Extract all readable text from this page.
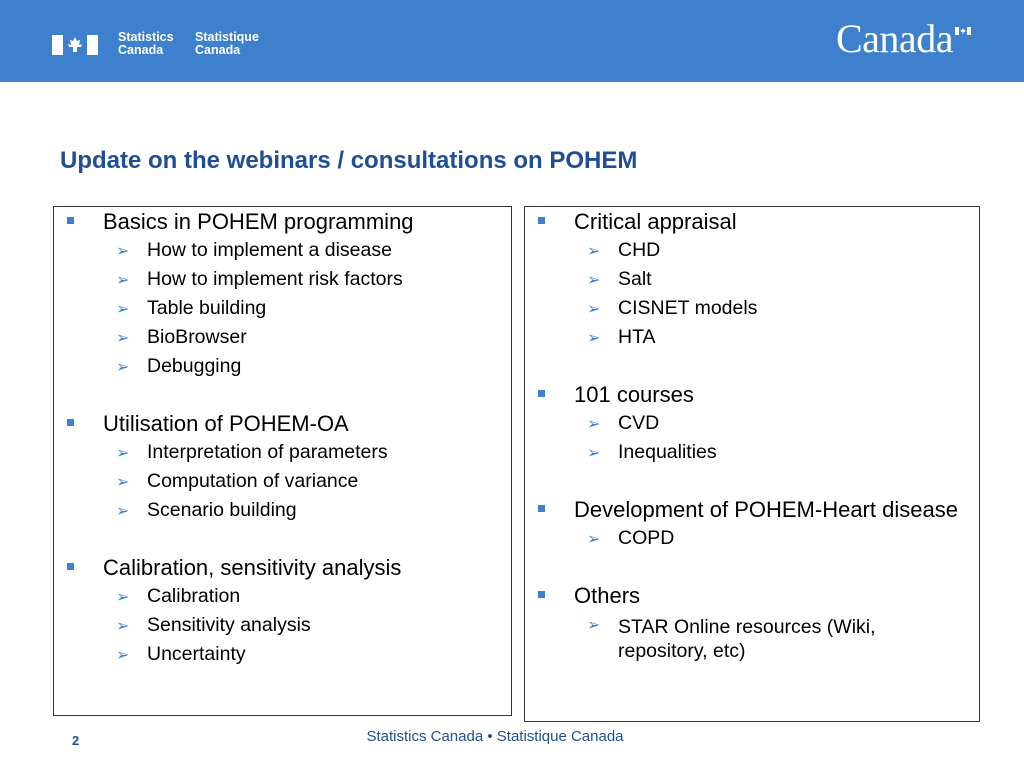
Statistics
Canada
Statistique
Canada	Canada
Update on the webinars / consultations on POHEM
Basics in POHEM programming
➢ How to implement a disease
➢ How to implement risk factors
➢ Table building
➢ BioBrowser
➢ Debugging
Utilisation of POHEM-OA
➢ Interpretation of parameters
➢ Computation of variance
➢ Scenario building
Calibration, sensitivity analysis
➢ Calibration
➢ Sensitivity analysis
➢ Uncertainty
Critical appraisal
➢ CHD
➢ Salt
➢ CISNET models
➢ HTA
101 courses
➢ CVD
➢ Inequalities
Development of POHEM-Heart disease
➢ COPD
Others
➢ STAR Online resources (Wiki, repository, etc)
2	Statistics Canada • Statistique Canada
